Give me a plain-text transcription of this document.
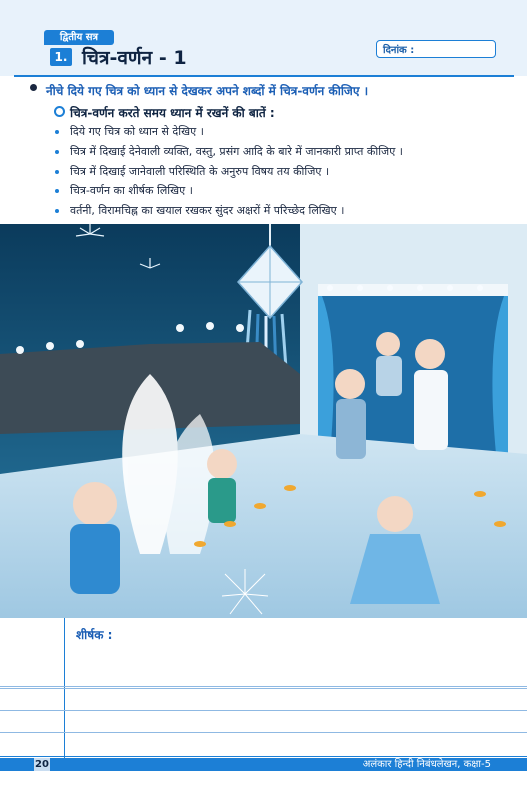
द्वितीय सत्र
1. चित्र-वर्णन - 1	दिनांक :
नीचे दिये गए चित्र को ध्यान से देखकर अपने शब्दों में चित्र-वर्णन कीजिए ।
चित्र-वर्णन करते समय ध्यान में रखनें की बातें :
दिये गए चित्र को ध्यान से देखिए ।
चित्र में दिखाई देनेवाली व्यक्ति, वस्तु, प्रसंग आदि के बारे में जानकारी प्राप्त कीजिए ।
चित्र में दिखाई जानेवाली परिस्थिति के अनुरुप विषय तय कीजिए ।
चित्र-वर्णन का शीर्षक लिखिए ।
वर्तनी, विरामचिह्न का खयाल रखकर सुंदर अक्षरों में परिच्छेद लिखिए ।
शीर्षक :
20	अलंकार हिन्दी निबंधलेखन, कक्षा-5
